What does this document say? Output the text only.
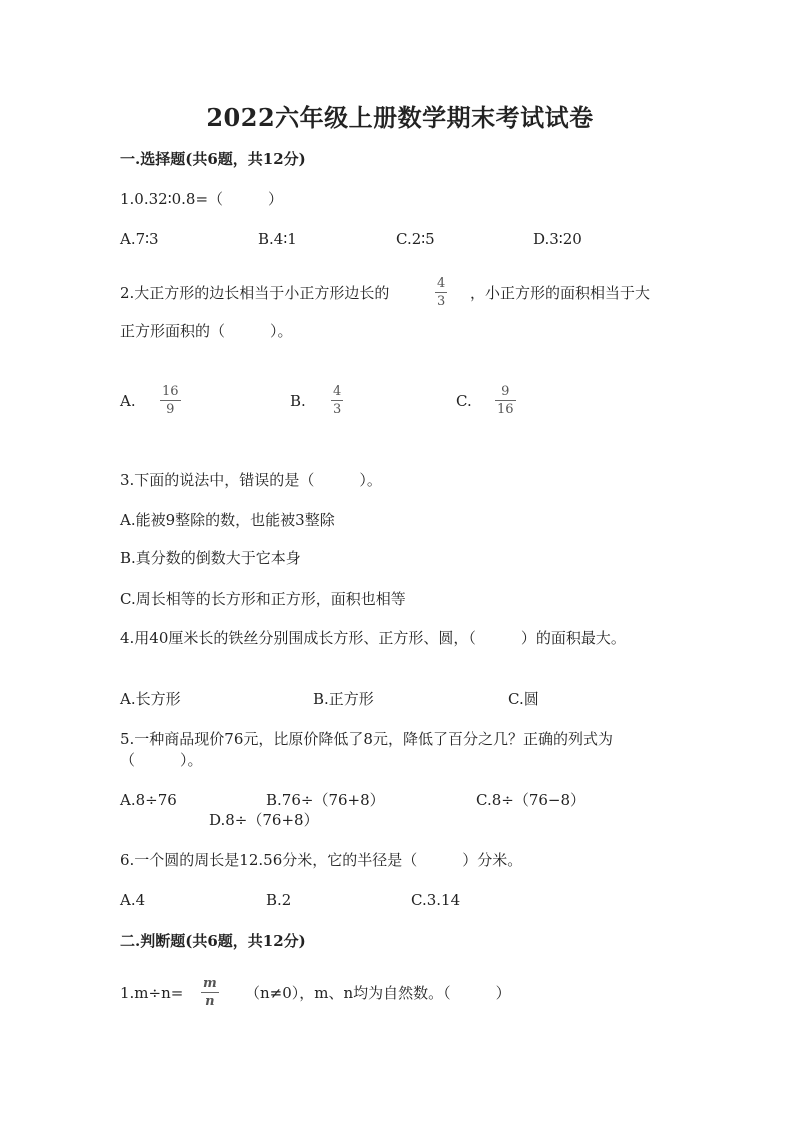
2022六年级上册数学期末考试试卷
一.选择题(共6题，共12分)
1.0.32∶0.8=（　　　）
A.7∶3	B.4∶1	C.2∶5	D.3∶20
2.大正方形的边长相当于小正方形边长的
4
3 ，小正方形的面积相当于大
正方形面积的（　　　）。
A.
16
9	B.
4
3	C.
9
16
3.下面的说法中，错误的是（　　　）。
A.能被9整除的数，也能被3整除
B.真分数的倒数大于它本身
C.周长相等的长方形和正方形，面积也相等
4.用40厘米长的铁丝分别围成长方形、正方形、圆，（　　　）的面积最大。
A.长方形	B.正方形	C.圆
5.一种商品现价76元，比原价降低了8元，降低了百分之几？正确的列式为
（　　　）。
A.8÷76	B.76÷（76+8）	C.8÷（76−8）
D.8÷（76+8）
6.一个圆的周长是12.56分米，它的半径是（　　　）分米。
A.4	B.2	C.3.14
二.判断题(共6题，共12分)
1.m÷n=
m
n （n≠0），m、n均为自然数。（　　　）
